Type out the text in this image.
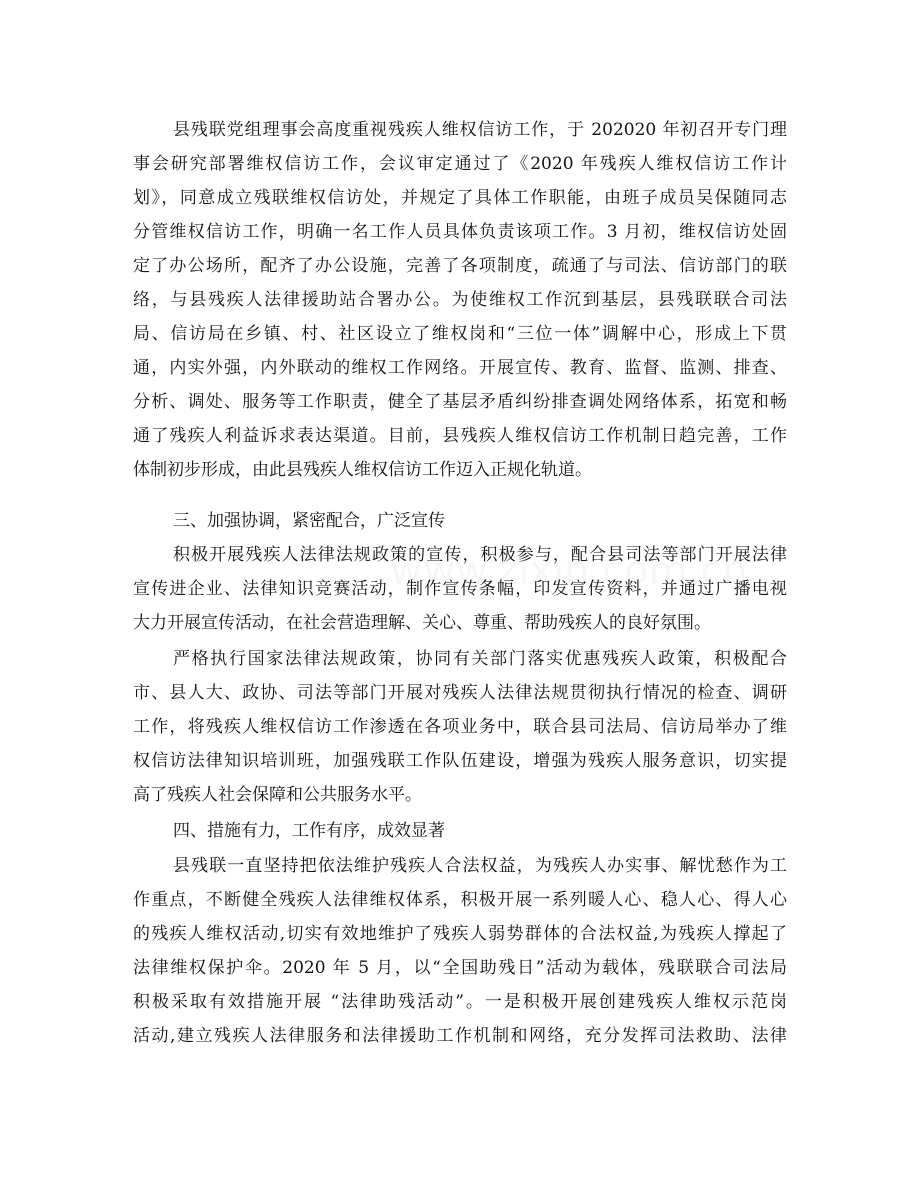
县残联党组理事会高度重视残疾人维权信访工作，于 202020 年初召开专门理
事会研究部署维权信访工作，会议审定通过了《2020 年残疾人维权信访工作计
划》，同意成立残联维权信访处，并规定了具体工作职能，由班子成员吴保随同志
分管维权信访工作，明确一名工作人员具体负责该项工作。3 月初，维权信访处固
定了办公场所，配齐了办公设施，完善了各项制度，疏通了与司法、信访部门的联
络，与县残疾人法律援助站合署办公。为使维权工作沉到基层，县残联联合司法
局、信访局在乡镇、村、社区设立了维权岗和“三位一体”调解中心，形成上下贯
通，内实外强，内外联动的维权工作网络。开展宣传、教育、监督、监测、排查、
分析、调处、服务等工作职责，健全了基层矛盾纠纷排查调处网络体系，拓宽和畅
通了残疾人利益诉求表达渠道。目前，县残疾人维权信访工作机制日趋完善，工作
体制初步形成，由此县残疾人维权信访工作迈入正规化轨道。
三、加强协调，紧密配合，广泛宣传
积极开展残疾人法律法规政策的宣传，积极参与，配合县司法等部门开展法律
宣传进企业、法律知识竞赛活动，制作宣传条幅，印发宣传资料，并通过广播电视
大力开展宣传活动，在社会营造理解、关心、尊重、帮助残疾人的良好氛围。
严格执行国家法律法规政策，协同有关部门落实优惠残疾人政策，积极配合
市、县人大、政协、司法等部门开展对残疾人法律法规贯彻执行情况的检查、调研
工作，将残疾人维权信访工作渗透在各项业务中，联合县司法局、信访局举办了维
权信访法律知识培训班，加强残联工作队伍建设，增强为残疾人服务意识，切实提
高了残疾人社会保障和公共服务水平。
四、措施有力，工作有序，成效显著
县残联一直坚持把依法维护残疾人合法权益，为残疾人办实事、解忧愁作为工
作重点，不断健全残疾人法律维权体系，积极开展一系列暖人心、稳人心、得人心
的残疾人维权活动,切实有效地维护了残疾人弱势群体的合法权益,为残疾人撑起了
法律维权保护伞。2020 年 5 月，以“全国助残日”活动为载体，残联联合司法局
积极采取有效措施开展 “法律助残活动”。一是积极开展创建残疾人维权示范岗
活动,建立残疾人法律服务和法律援助工作机制和网络，充分发挥司法救助、法律
